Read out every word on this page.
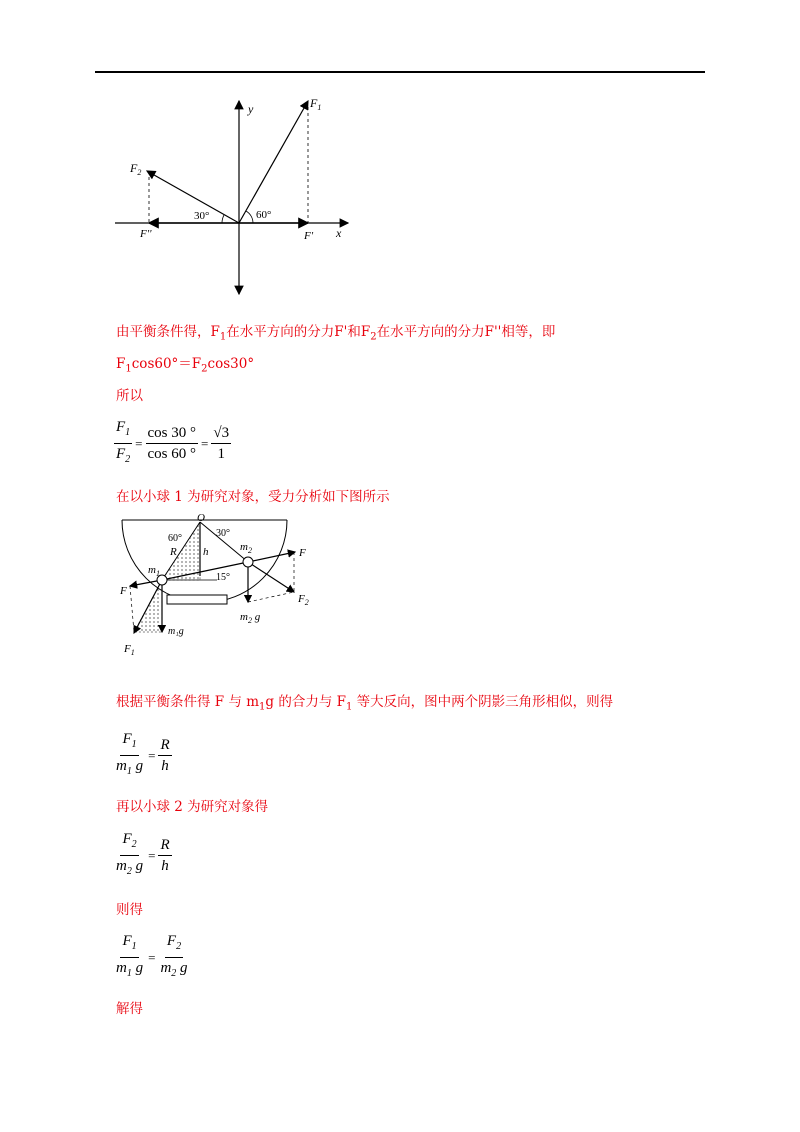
$F_1$
$F_2$
y
x
30°	60°
F'
F''
由平衡条件得，$F_1$在水平方向的分力F'和$F_2$在水平方向的分力F''相等，即
$F_1\cos 60^\circ=F_2\cos 30^\circ$
所以
$\frac{F_1}{F_2} = \frac{\cos 30 ^\circ}{\cos 60 ^\circ} = \frac{√3}{1}$
在以小球 1 为研究对象，受力分析如下图所示
O
60°	30°
R h
$m_1$
$m_2$
F
F
15°
$F_2$
m₁g
$m_2$ g
$F_1$
根据平衡条件得 F 与 $m_1g$ 的合力与 $F_1$ 等大反向，图中两个阴影三角形相似，则得
$\frac{F_1}{m_1 g} = \frac{R}{h}$
再以小球 2 为研究对象得
$\frac{F_2}{m_2 g} = \frac{R}{h}$
则得
$\frac{F_1}{m_1 g} = \frac{F_2}{m_2 g}$
解得
